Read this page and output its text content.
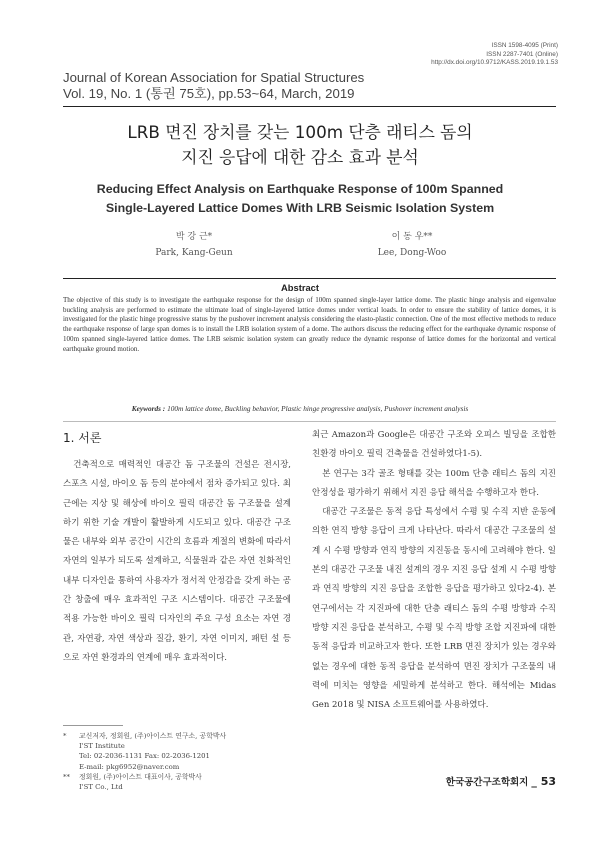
ISSN 1598-4095 (Print)
ISSN 2287-7401 (Online)
http://dx.doi.org/10.9712/KASS.2019.19.1.53
Journal of Korean Association for Spatial Structures
Vol. 19, No. 1 (통권 75호), pp.53~64, March, 2019
LRB 면진 장치를 갖는 100m 단층 래티스 돔의
지진 응답에 대한 감소 효과 분석
Reducing Effect Analysis on Earthquake Response of 100m Spanned
Single-Layered Lattice Domes With LRB Seismic Isolation System
박 강 근*
Park, Kang-Geun
이 동 우**
Lee, Dong-Woo
Abstract
The objective of this study is to investigate the earthquake response for the design of 100m spanned single-layer lattice dome. The plastic hinge analysis and eigenvalue buckling analysis are performed to estimate the ultimate load of single-layered lattice domes under vertical loads. In order to ensure the stability of lattice domes, it is investigated for the plastic hinge progressive status by the pushover increment analysis considering the elasto-plastic connection. One of the most effective methods to reduce the earthquake response of large span domes is to install the LRB isolation system of a dome. The authors discuss the reducing effect for the earthquake dynamic response of 100m spanned single-layered lattice domes. The LRB seismic isolation system can greatly reduce the dynamic response of lattice domes for the horizontal and vertical earthquake ground motion.
Keywords : 100m lattice dome, Buckling behavior, Plastic hinge progressive analysis, Pushover increment analysis
1. 서론

건축적으로 매력적인 대공간 돔 구조물의 건설은 전시장, 스포츠 시설, 바이오 돔 등의 분야에서 점차 증가되고 있다. 최근에는 지상 및 해상에 바이오 필릭 대공간 돔 구조물을 설계하기 위한 기술 개발이 활발하게 시도되고 있다. 대공간 구조물은 내부와 외부 공간이 시간의 흐름과 계절의 변화에 따라서 자연의 일부가 되도록 설계하고, 식물원과 같은 자연 친화적인 내부 디자인을 통하여 사용자가 정서적 안정감을 갖게 하는 공간 창출에 매우 효과적인 구조 시스템이다. 대공간 구조물에 적용 가능한 바이오 필릭 디자인의 주요 구성 요소는 자연 경관, 자연광, 자연 색상과 질감, 환기, 자연 이미지, 패턴 설 등으로 자연 환경과의 연계에 매우 효과적이다.

*	교신저자, 정회원, (주)아이스트 연구소, 공학박사
I'ST Institute
Tel: 02-2036-1131 Fax: 02-2036-1201
E-mail: pkg6952@naver.com
**	정회원, (주)아이스트 대표이사, 공학박사
I'ST Co., Ltd

최근 Amazon과 Google은 대공간 구조와 오피스 빌딩을 조합한 친환경 바이오 필릭 건축물을 건설하였다1-5).

본 연구는 3각 골조 형태를 갖는 100m 단층 래티스 돔의 지진 안정성을 평가하기 위해서 지진 응답 해석을 수행하고자 한다.

대공간 구조물은 동적 응답 특성에서 수평 및 수직 지반 운동에 의한 연직 방향 응답이 크게 나타난다. 따라서 대공간 구조물의 설계 시 수평 방향과 연직 방향의 지진동을 동시에 고려해야 한다. 일본의 대공간 구조물 내진 설계의 경우 지진 응답 설계 시 수평 방향과 연직 방향의 지진 응답을 조합한 응답을 평가하고 있다2-4). 본 연구에서는 각 지진파에 대한 단층 래티스 돔의 수평 방향과 수직 방향 지진 응답을 분석하고, 수평 및 수직 방향 조합 지진파에 대한 동적 응답과 비교하고자 한다. 또한 LRB 면진 장치가 있는 경우와 없는 경우에 대한 동적 응답을 분석하여 면진 장치가 구조물의 내력에 미치는 영향을 세밀하게 분석하고 한다. 해석에는 Midas Gen 2018 및 NISA 소프트웨어를 사용하였다.

한국공간구조학회지 _ 53
